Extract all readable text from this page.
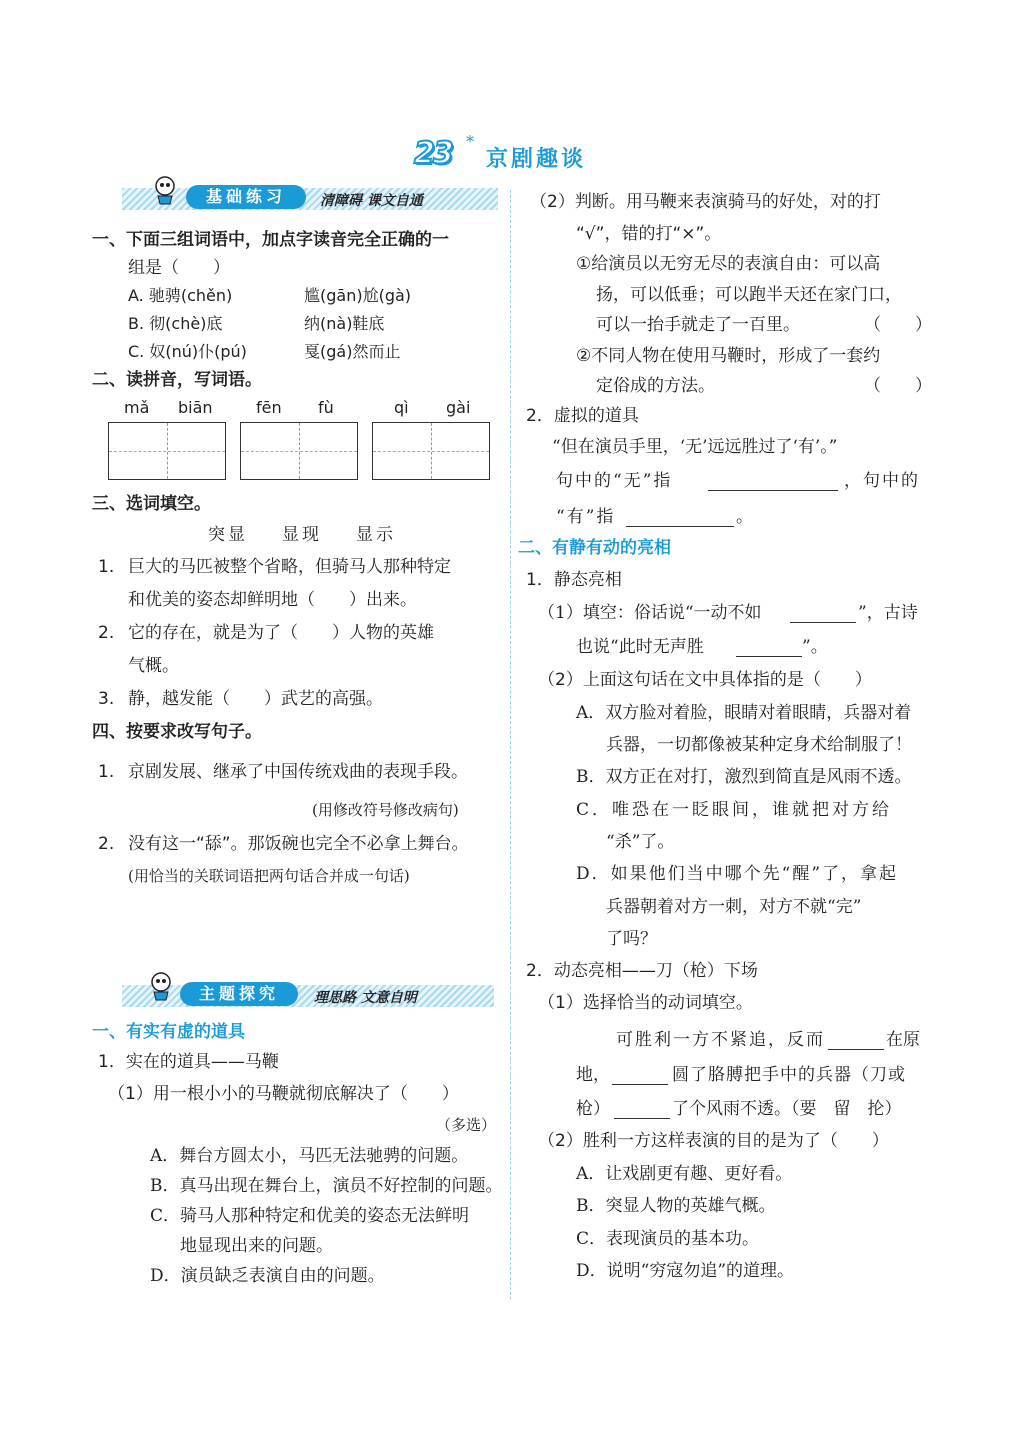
23 *
京剧趣谈
基础练习	清障碍 课文自通
一、下面三组词语中，加点字读音完全正确的一
组是（　　）
A. 驰骋(chěn)	尴(gān)尬(gà)
B. 彻(chè)底	纳(nà)鞋底
C. 奴(nú)仆(pú)	戛(gá)然而止
二、读拼音，写词语。
mǎ biān	fēn fù	qì gài
三、选词填空。
突显 显现 显示
1. 巨大的马匹被整个省略，但骑马人那种特定
和优美的姿态却鲜明地（　　）出来。
2. 它的存在，就是为了（　　）人物的英雄
气概。
3. 静，越发能（　　）武艺的高强。
四、按要求改写句子。
1. 京剧发展、继承了中国传统戏曲的表现手段。
(用修改符号修改病句)
2. 没有这一“舔”。那饭碗也完全不必拿上舞台。
(用恰当的关联词语把两句话合并成一句话)
主题探究	理思路 文意自明
一、有实有虚的道具
1．实在的道具——马鞭
（1）用一根小小的马鞭就彻底解决了（　　）
（多选）
A．舞台方圆太小，马匹无法驰骋的问题。
B．真马出现在舞台上，演员不好控制的问题。
C．骑马人那种特定和优美的姿态无法鲜明
地显现出来的问题。
D．演员缺乏表演自由的问题。
（2）判断。用马鞭来表演骑马的好处，对的打
“√”，错的打“×”。
①给演员以无穷无尽的表演自由：可以高
扬，可以低垂；可以跑半天还在家门口，
可以一抬手就走了一百里。	（　　）
②不同人物在使用马鞭时，形成了一套约
定俗成的方法。	（　　）
2．虚拟的道具
“但在演员手里，‘无’远远胜过了‘有’。”
句中的“无”指	，句中的
“有”指	。
二、有静有动的亮相
1．静态亮相
（1）填空：俗话说“一动不如	”，古诗
也说“此时无声胜	”。
（2）上面这句话在文中具体指的是（　　）
A．双方脸对着脸，眼睛对着眼睛，兵器对着
兵器，一切都像被某种定身术给制服了！
B．双方正在对打，激烈到简直是风雨不透。
C．唯恐在一眨眼间，谁就把对方给
“杀”了。
D．如果他们当中哪个先“醒”了，拿起
兵器朝着对方一刺，对方不就“完”
了吗？
2．动态亮相——刀（枪）下场
（1）选择恰当的动词填空。
可胜利一方不紧追，反而	在原
地，	圆了胳膊把手中的兵器（刀或
枪）	了个风雨不透。（要　留　抡）
（2）胜利一方这样表演的目的是为了（　　）
A．让戏剧更有趣、更好看。
B．突显人物的英雄气概。
C．表现演员的基本功。
D．说明“穷寇勿追”的道理。
